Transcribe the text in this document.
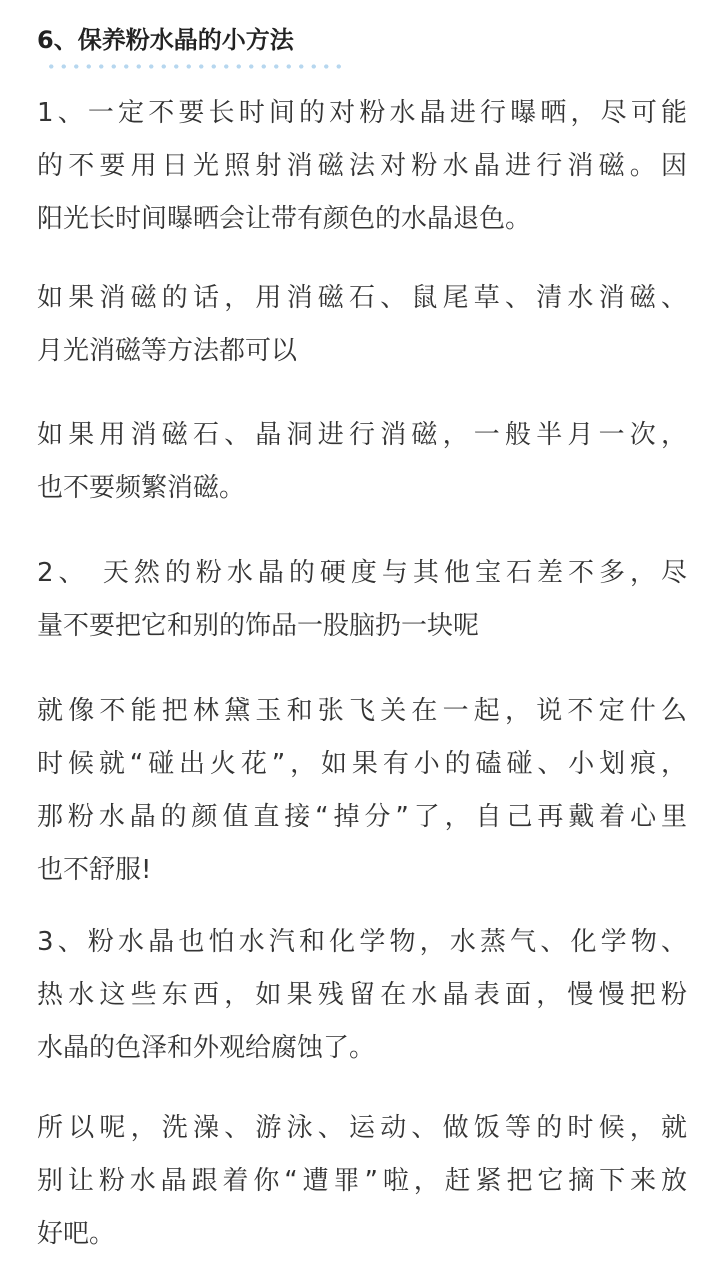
6、保养粉水晶的小方法
1、一定不要长时间的对粉水晶进行曝晒，尽可能
的不要用日光照射消磁法对粉水晶进行消磁。因
阳光长时间曝晒会让带有颜色的水晶退色。
如果消磁的话，用消磁石、鼠尾草、清水消磁、
月光消磁等方法都可以
如果用消磁石、晶洞进行消磁，一般半月一次，
也不要频繁消磁。
2、 天然的粉水晶的硬度与其他宝石差不多，尽
量不要把它和别的饰品一股脑扔一块呢
就像不能把林黛玉和张飞关在一起，说不定什么
时候就“碰出火花”，如果有小的磕碰、小划痕，
那粉水晶的颜值直接“掉分”了，自己再戴着心里
也不舒服!
3、粉水晶也怕水汽和化学物，水蒸气、化学物、
热水这些东西，如果残留在水晶表面，慢慢把粉
水晶的色泽和外观给腐蚀了。
所以呢，洗澡、游泳、运动、做饭等的时候，就
别让粉水晶跟着你“遭罪”啦，赶紧把它摘下来放
好吧。
